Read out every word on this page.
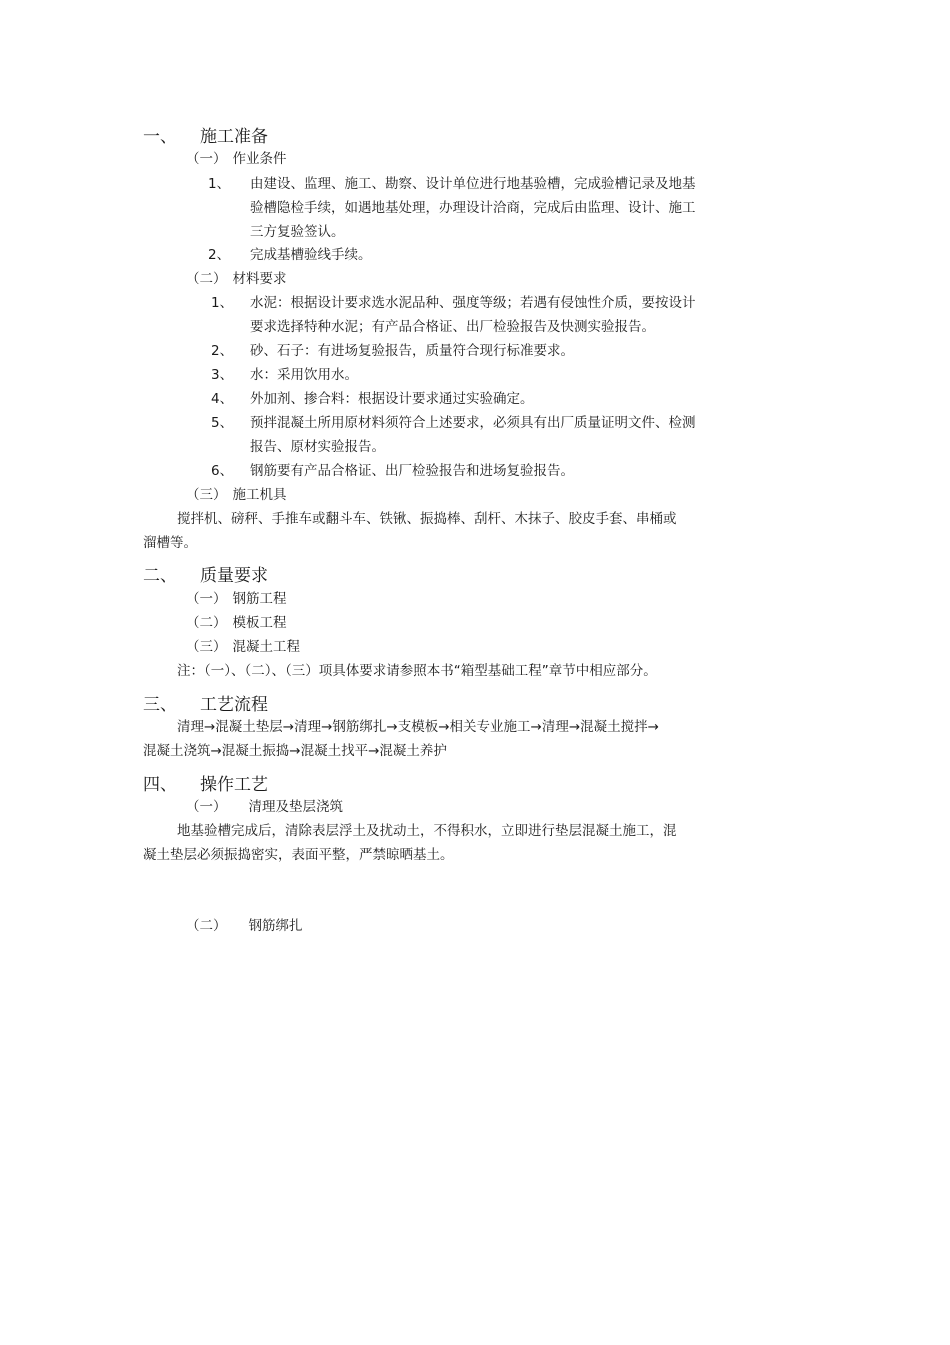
一、 施工准备
（一） 作业条件
1、 由建设、监理、施工、勘察、设计单位进行地基验槽，完成验槽记录及地基
验槽隐检手续，如遇地基处理，办理设计洽商，完成后由监理、设计、施工
三方复验签认。
2、 完成基槽验线手续。
（二） 材料要求
1、 水泥：根据设计要求选水泥品种、强度等级；若遇有侵蚀性介质，要按设计
要求选择特种水泥；有产品合格证、出厂检验报告及快测实验报告。
2、 砂、石子：有进场复验报告，质量符合现行标准要求。
3、 水：采用饮用水。
4、 外加剂、掺合料：根据设计要求通过实验确定。
5、 预拌混凝土所用原材料须符合上述要求，必须具有出厂质量证明文件、检测
报告、原材实验报告。
6、 钢筋要有产品合格证、出厂检验报告和进场复验报告。
（三） 施工机具
搅拌机、磅秤、手推车或翻斗车、铁锹、振捣棒、刮杆、木抹子、胶皮手套、串桶或
溜槽等。
二、 质量要求
（一） 钢筋工程
（二） 模板工程
（三） 混凝土工程
注：（一）、（二）、（三）项具体要求请参照本书“箱型基础工程”章节中相应部分。
三、 工艺流程
清理→混凝土垫层→清理→钢筋绑扎→支模板→相关专业施工→清理→混凝土搅拌→
混凝土浇筑→混凝土振捣→混凝土找平→混凝土养护
四、 操作工艺
（一） 清理及垫层浇筑
地基验槽完成后，清除表层浮土及扰动土，不得积水，立即进行垫层混凝土施工，混
凝土垫层必须振捣密实，表面平整，严禁晾晒基土。
（二） 钢筋绑扎
